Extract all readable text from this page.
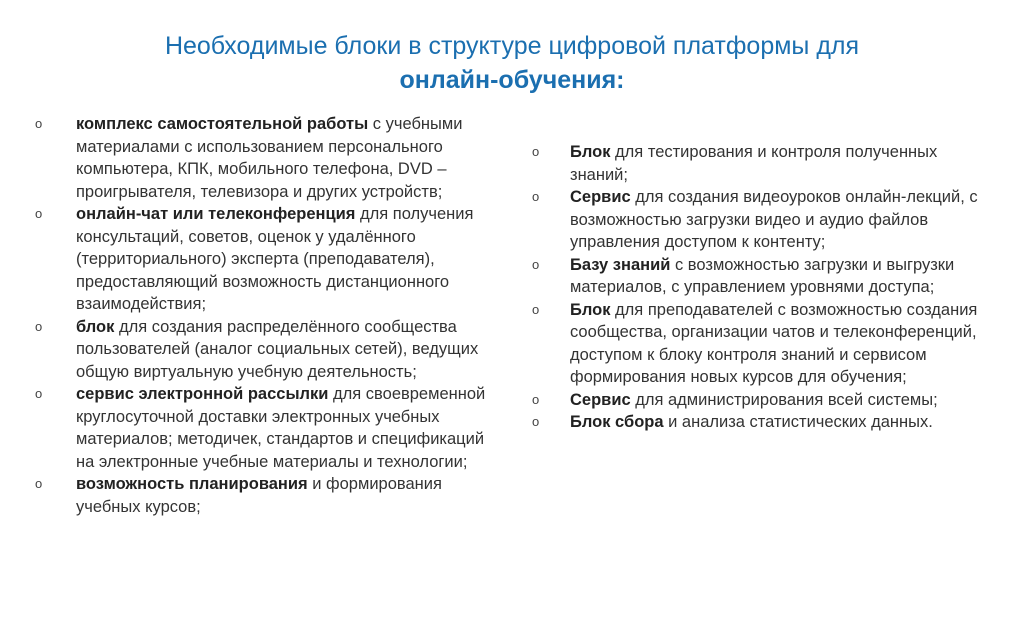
Необходимые блоки в структуре цифровой платформы для
онлайн-обучения:
o комплекс самостоятельной работы с учебными материалами с использованием персонального компьютера, КПК, мобильного телефона, DVD – проигрывателя, телевизора и других устройств;
o онлайн-чат или телеконференция для получения консультаций, советов, оценок у удалённого (территориального) эксперта (преподавателя), предоставляющий возможность дистанционного взаимодействия;
o блок для создания распределённого сообщества пользователей (аналог социальных сетей), ведущих общую виртуальную учебную деятельность;
o сервис электронной рассылки для своевременной круглосуточной доставки электронных учебных материалов; методичек, стандартов и спецификаций на электронные учебные материалы и технологии;
o возможность планирования и формирования учебных курсов;
o Блок для тестирования и контроля полученных знаний;
o Сервис для создания видеоуроков онлайн-лекций, с возможностью загрузки видео и аудио файлов управления доступом к контенту;
o Базу знаний с возможностью загрузки и выгрузки материалов, с управлением уровнями доступа;
o Блок для преподавателей с возможностью создания сообщества, организации чатов и телеконференций, доступом к блоку контроля знаний и сервисом формирования новых курсов для обучения;
o Сервис для администрирования всей системы;
o Блок сбора и анализа статистических данных.
